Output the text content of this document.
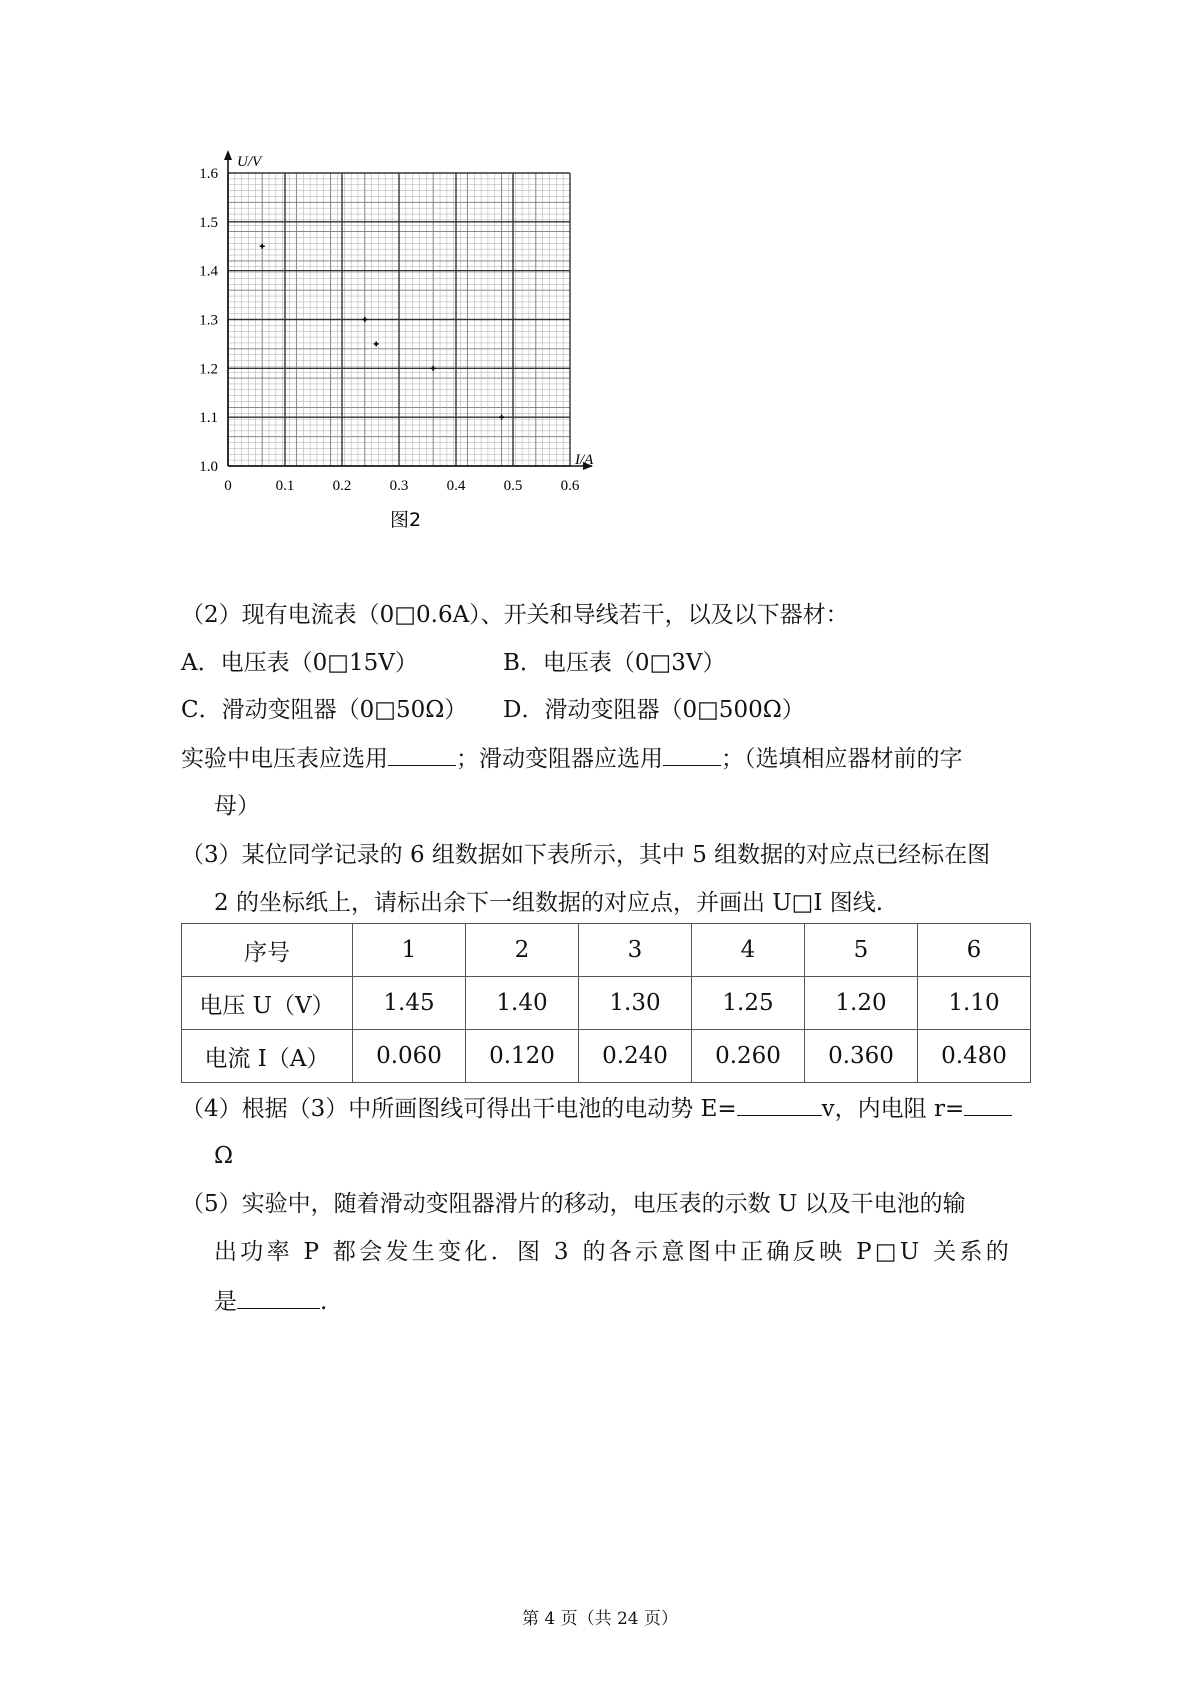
0	0.1	0.2	0.3	0.4	0.5	0.6
1.0
1.1
1.2
1.3
1.4
1.5
1.6
U/V
I/A
图2
（2）现有电流表（0□0.6A）、开关和导线若干，以及以下器材：
A．电压表（0□15V）	B．电压表（0□3V）
C．滑动变阻器（0□50Ω） D．滑动变阻器（0□500Ω）
实验中电压表应选用	；滑动变阻器应选用	；（选填相应器材前的字
母）
（3）某位同学记录的 6 组数据如下表所示，其中 5 组数据的对应点已经标在图
2 的坐标纸上，请标出余下一组数据的对应点，并画出 U□I 图线.
序号	1	2	3	4	5	6
电压 U（V）	1.45	1.40	1.30	1.25	1.20	1.10
电流 I（A）	0.060	0.120	0.240	0.260	0.360	0.480
（4）根据（3）中所画图线可得出干电池的电动势 E=	v，内电阻 r=
Ω
（5）实验中，随着滑动变阻器滑片的移动，电压表的示数 U 以及干电池的输
出功率 P 都会发生变化．图 3 的各示意图中正确反映 P□U 关系的
是	.
第 4 页（共 24 页）
